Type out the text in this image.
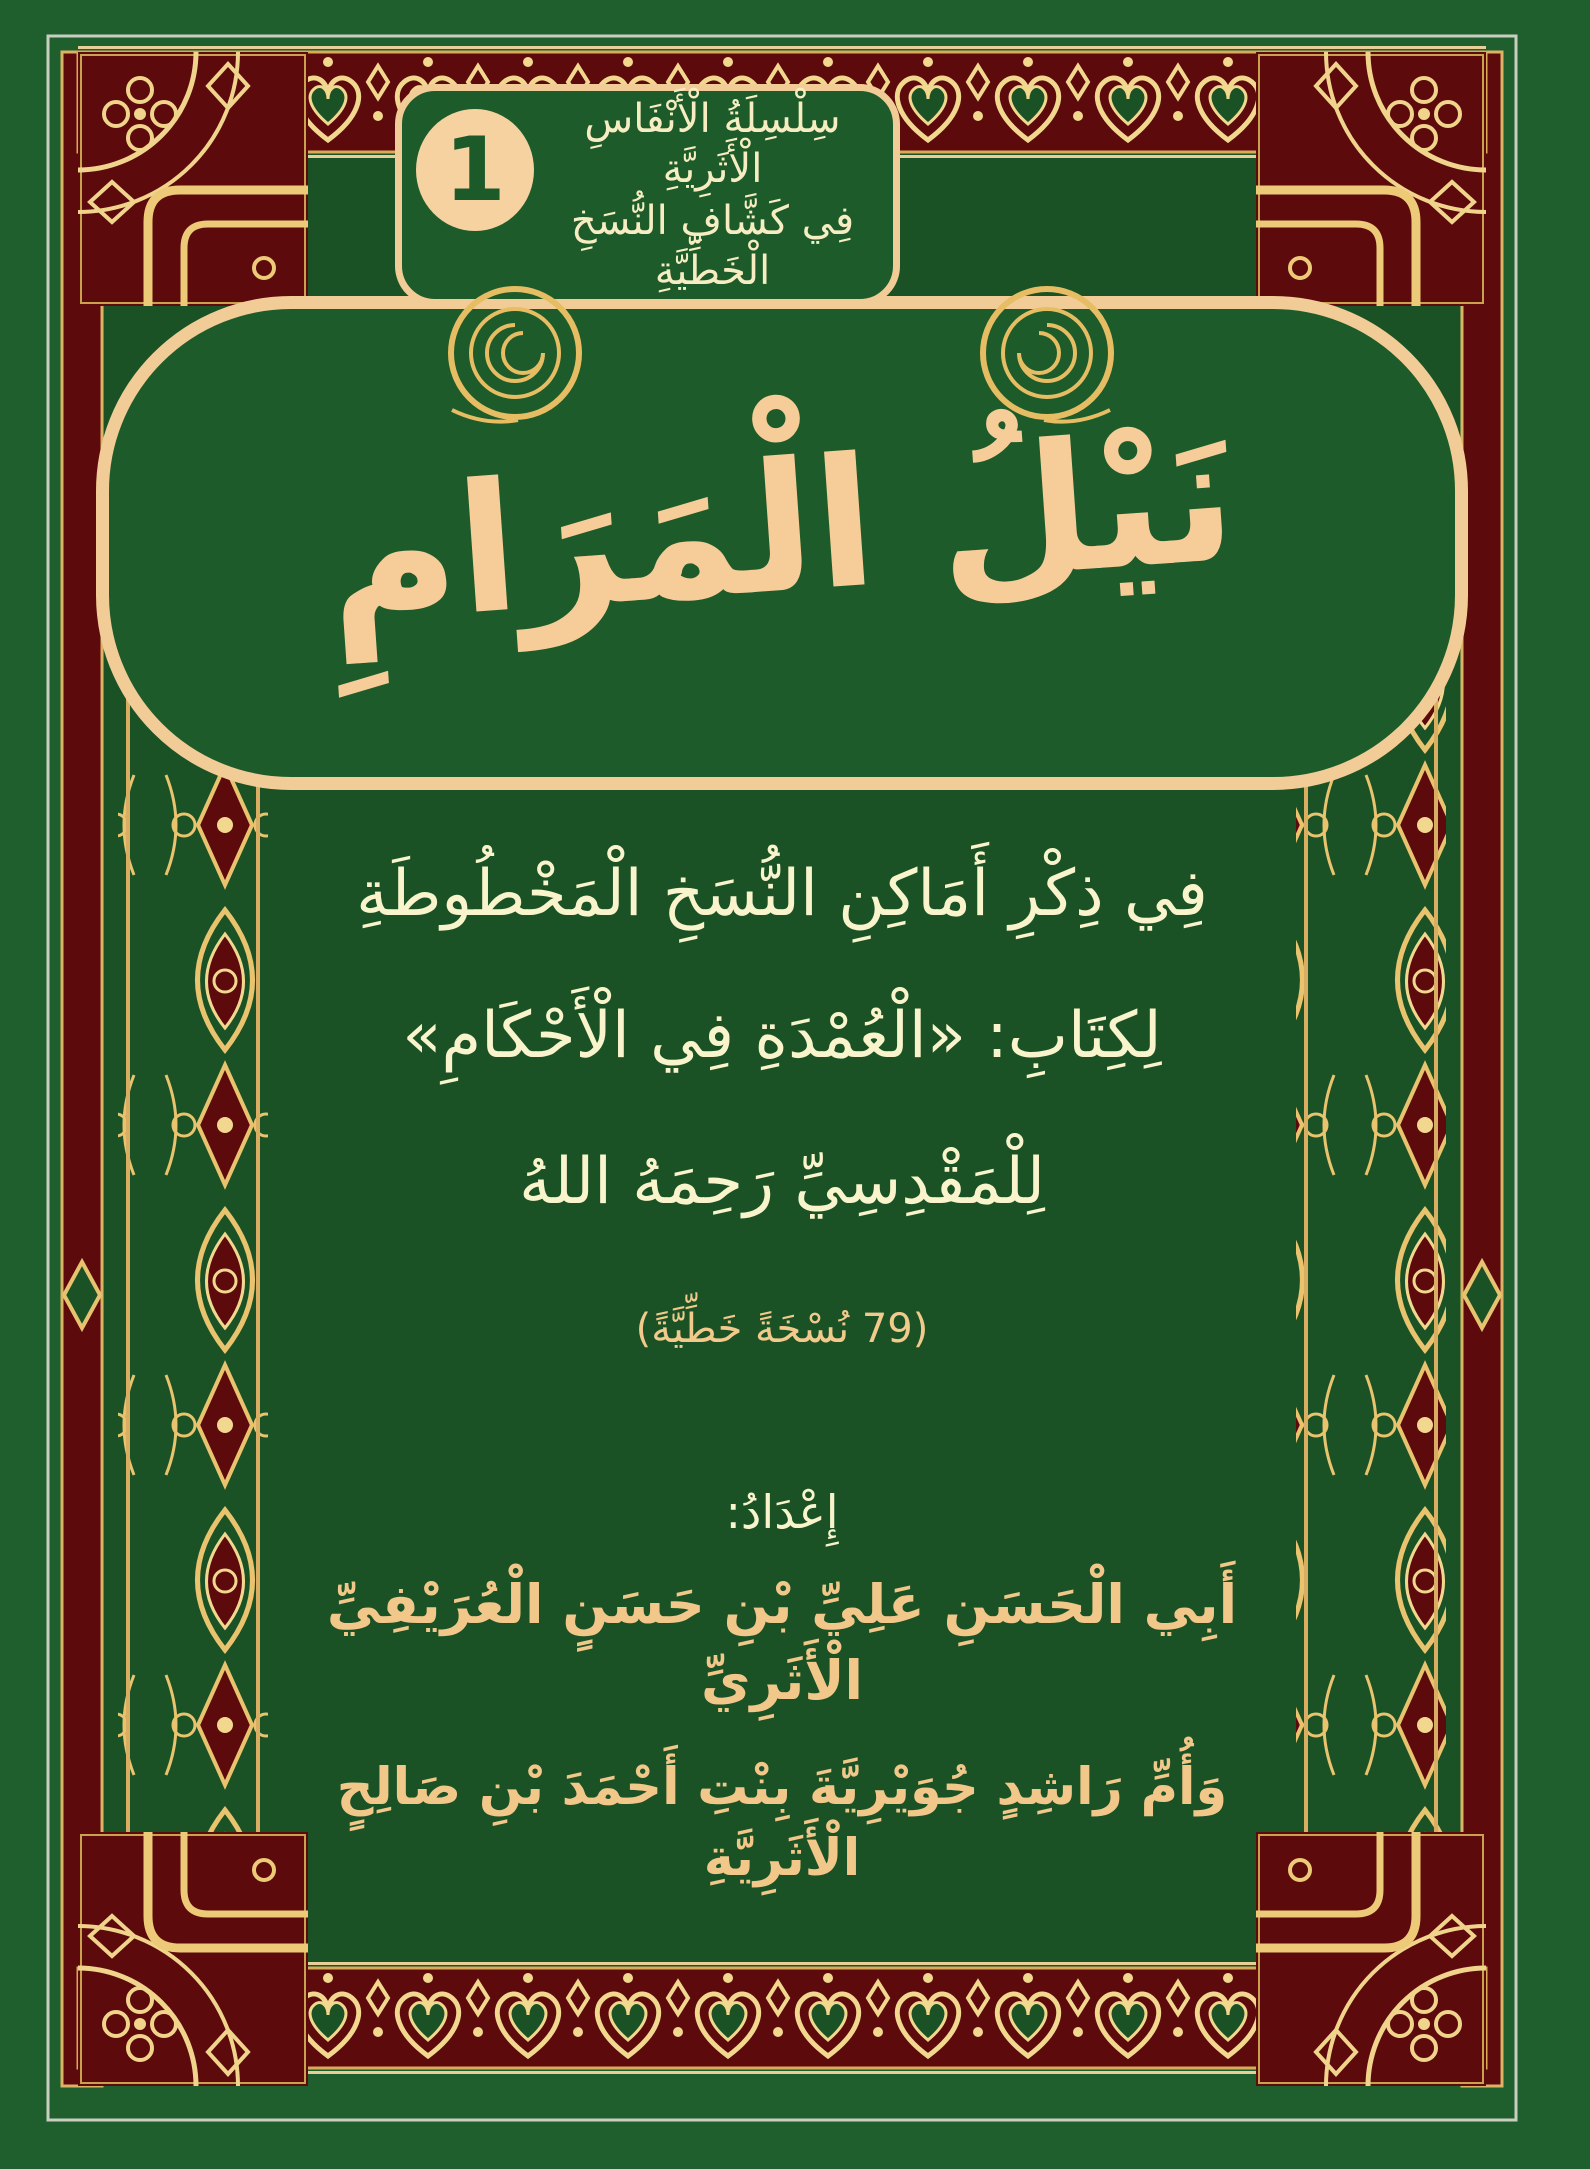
نَيْلُ الْمَرَامِ
1	سِلْسِلَةُ الْأَنْفَاسِ الْأَثَرِيَّةِ
فِي كَشَّافِ النُّسَخِ الْخَطِّيَّةِ
فِي ذِكْرِ أَمَاكِنِ النُّسَخِ الْمَخْطُوطَةِ
لِكِتَابِ: «الْعُمْدَةِ فِي الْأَحْكَامِ»
لِلْمَقْدِسِيِّ رَحِمَهُ اللهُ
(79 نُسْخَةً خَطِّيَّةً)
إِعْدَادُ:
أَبِي الْحَسَنِ عَلِيِّ بْنِ حَسَنٍ الْعُرَيْفِيِّ الْأَثَرِيِّ
وَأُمِّ رَاشِدٍ جُوَيْرِيَّةَ بِنْتِ أَحْمَدَ بْنِ صَالِحٍ الْأَثَرِيَّةِ
